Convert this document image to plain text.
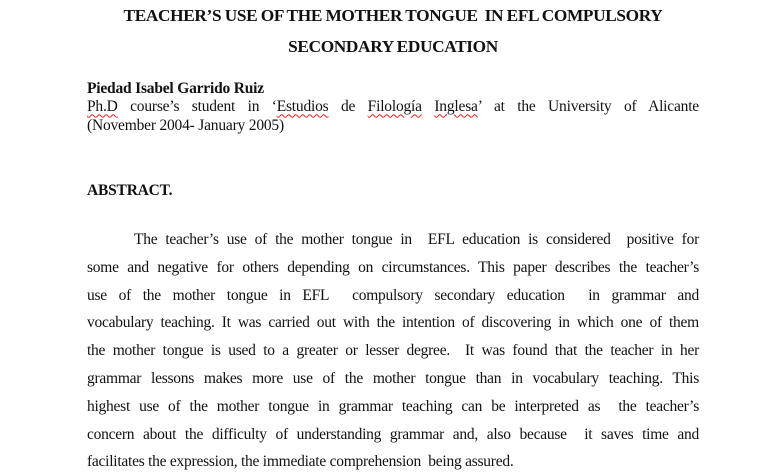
TEACHER’S USE OF THE MOTHER TONGUE  IN EFL COMPULSORY
SECONDARY EDUCATION
Piedad Isabel Garrido Ruiz
Ph.D course’s student in ‘Estudios de Filología Inglesa’ at the University of Alicante
(November 2004- January 2005)
ABSTRACT.
The teacher’s use of the mother tongue in  EFL education is considered  positive for
some and negative for others depending on circumstances. This paper describes the teacher’s
use of the mother tongue in EFL  compulsory secondary education  in grammar and
vocabulary teaching. It was carried out with the intention of discovering in which one of them
the mother tongue is used to a greater or lesser degree.  It was found that the teacher in her
grammar lessons makes more use of the mother tongue than in vocabulary teaching. This
highest use of the mother tongue in grammar teaching can be interpreted as  the teacher’s
concern about the difficulty of understanding grammar and, also because  it saves time and
facilitates the expression, the immediate comprehension  being assured.
